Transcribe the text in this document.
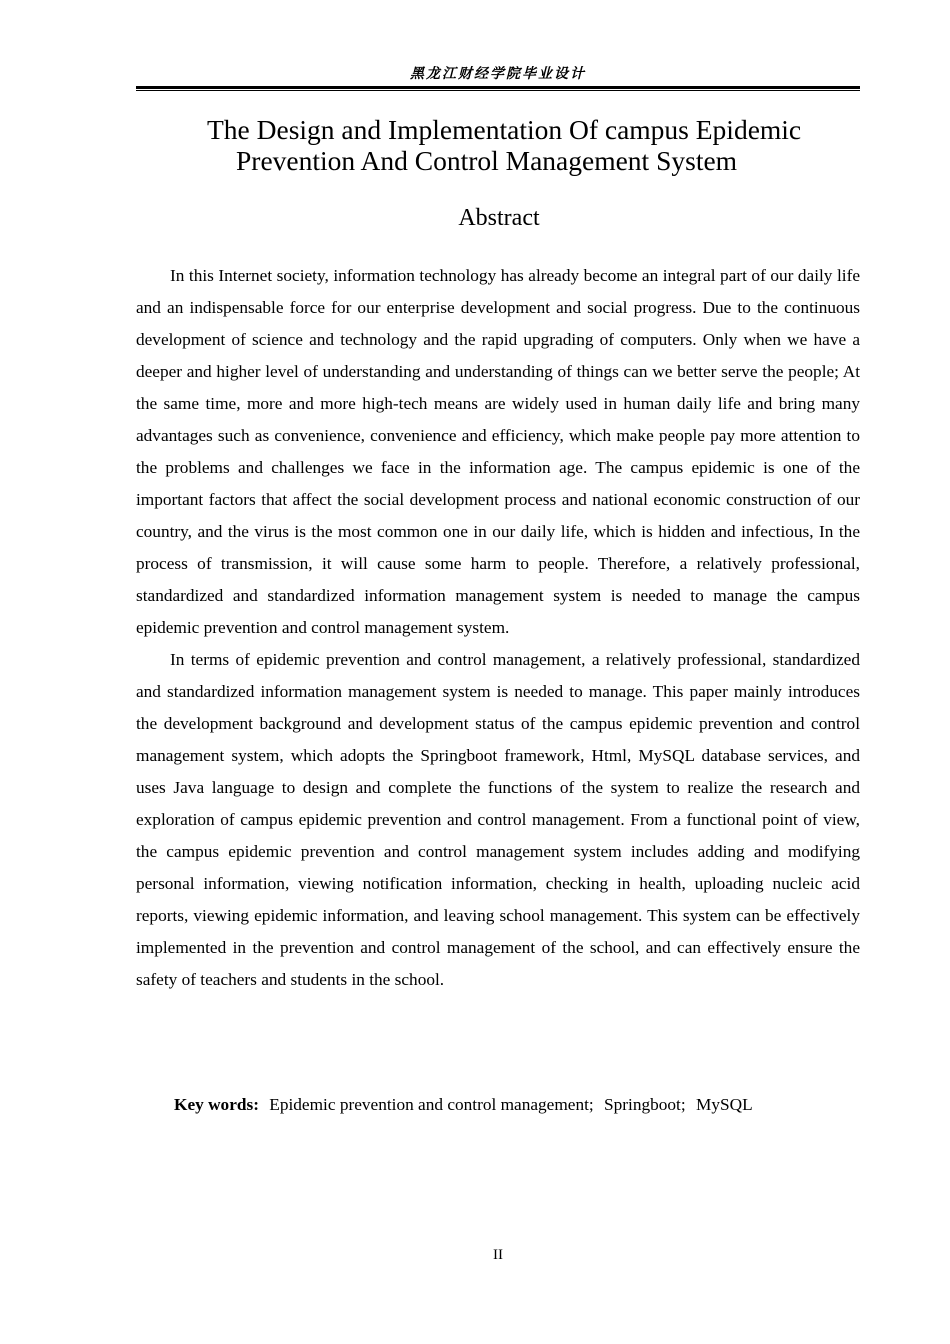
黑龙江财经学院毕业设计
The Design and Implementation Of campus Epidemic
Prevention And Control Management System
Abstract

In this Internet society, information technology has already become an integral part of our daily life and an indispensable force for our enterprise development and social progress. Due to the continuous development of science and technology and the rapid upgrading of computers. Only when we have a deeper and higher level of understanding and understanding of things can we better serve the people; At the same time, more and more high-tech means are widely used in human daily life and bring many advantages such as convenience, convenience and efficiency, which make people pay more attention to the problems and challenges we face in the information age. The campus epidemic is one of the important factors that affect the social development process and national economic construction of our country, and the virus is the most common one in our daily life, which is hidden and infectious, In the process of transmission, it will cause some harm to people. Therefore, a relatively professional, standardized and standardized information management system is needed to manage the campus epidemic prevention and control management system.

In terms of epidemic prevention and control management, a relatively professional, standardized and standardized information management system is needed to manage. This paper mainly introduces the development background and development status of the campus epidemic prevention and control management system, which adopts the Springboot framework, Html, MySQL database services, and uses Java language to design and complete the functions of the system to realize the research and exploration of campus epidemic prevention and control management. From a functional point of view, the campus epidemic prevention and control management system includes adding and modifying personal information, viewing notification information, checking in health, uploading nucleic acid reports, viewing epidemic information, and leaving school management. This system can be effectively implemented in the prevention and control management of the school, and can effectively ensure the safety of teachers and students in the school.

Key words: Epidemic prevention and control management; Springboot; MySQL
II
